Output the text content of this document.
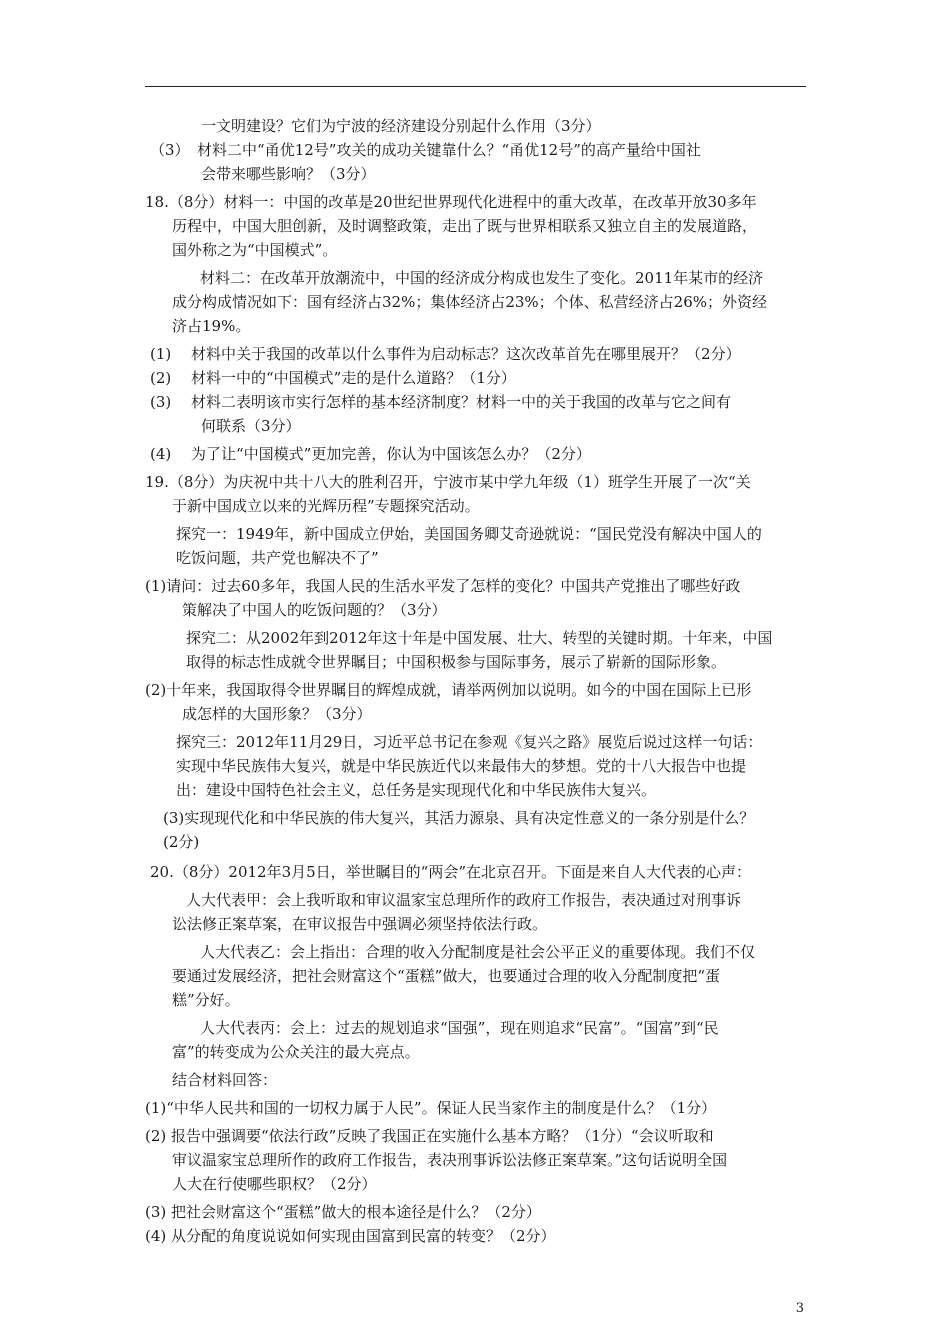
一文明建设？它们为宁波的经济建设分别起什么作用（3分）
（3）　材料二中“甬优12号”攻关的成功关键靠什么？“甬优12号”的高产量给中国社
会带来哪些影响？（3分）
18.（8分）材料一：中国的改革是20世纪世界现代化进程中的重大改革，在改革开放30多年
历程中，中国大胆创新，及时调整政策，走出了既与世界相联系又独立自主的发展道路，
国外称之为“中国模式”。
材料二：在改革开放潮流中，中国的经济成分构成也发生了变化。2011年某市的经济
成分构成情况如下：国有经济占32%；集体经济占23%；个体、私营经济占26%；外资经
济占19%。
(1)　 材料中关于我国的改革以什么事件为启动标志？这次改革首先在哪里展开？（2分）
(2)　 材料一中的“中国模式”走的是什么道路？（1分）
(3)　 材料二表明该市实行怎样的基本经济制度？材料一中的关于我国的改革与它之间有
何联系（3分）
(4)　 为了让“中国模式”更加完善，你认为中国该怎么办？（2分）
19.（8分）为庆祝中共十八大的胜利召开，宁波市某中学九年级（1）班学生开展了一次“关
于新中国成立以来的光辉历程”专题探究活动。
探究一：1949年，新中国成立伊始，美国国务卿艾奇逊就说：“国民党没有解决中国人的
吃饭问题，共产党也解决不了”
(1)请问：过去60多年，我国人民的生活水平发了怎样的变化？中国共产党推出了哪些好政
策解决了中国人的吃饭问题的？（3分）
探究二：从2002年到2012年这十年是中国发展、壮大、转型的关键时期。十年来，中国
取得的标志性成就令世界瞩目；中国积极参与国际事务，展示了崭新的国际形象。
(2)十年来，我国取得令世界瞩目的辉煌成就，请举两例加以说明。如今的中国在国际上已形
成怎样的大国形象？（3分）
探究三：2012年11月29日，习近平总书记在参观《复兴之路》展览后说过这样一句话：
实现中华民族伟大复兴，就是中华民族近代以来最伟大的梦想。党的十八大报告中也提
出：建设中国特色社会主义，总任务是实现现代化和中华民族伟大复兴。
(3)实现现代化和中华民族的伟大复兴，其活力源泉、具有决定性意义的一条分别是什么？
(2分)
20.（8分）2012年3月5日，举世瞩目的“两会”在北京召开。下面是来自人大代表的心声：
人大代表甲：会上我听取和审议温家宝总理所作的政府工作报告，表决通过对刑事诉
讼法修正案草案，在审议报告中强调必须坚持依法行政。
人大代表乙：会上指出：合理的收入分配制度是社会公平正义的重要体现。我们不仅
要通过发展经济，把社会财富这个“蛋糕”做大，也要通过合理的收入分配制度把“蛋
糕”分好。
人大代表丙：会上：过去的规划追求“国强”，现在则追求“民富”。“国富”到“民
富”的转变成为公众关注的最大亮点。
结合材料回答：
(1)“中华人民共和国的一切权力属于人民”。保证人民当家作主的制度是什么？（1分）
(2) 报告中强调要“依法行政”反映了我国正在实施什么基本方略？（1分）“会议听取和
审议温家宝总理所作的政府工作报告，表决刑事诉讼法修正案草案。”这句话说明全国
人大在行使哪些职权？（2分）
(3) 把社会财富这个“蛋糕”做大的根本途径是什么？（2分）
(4) 从分配的角度说说如何实现由国富到民富的转变？（2分）
3
